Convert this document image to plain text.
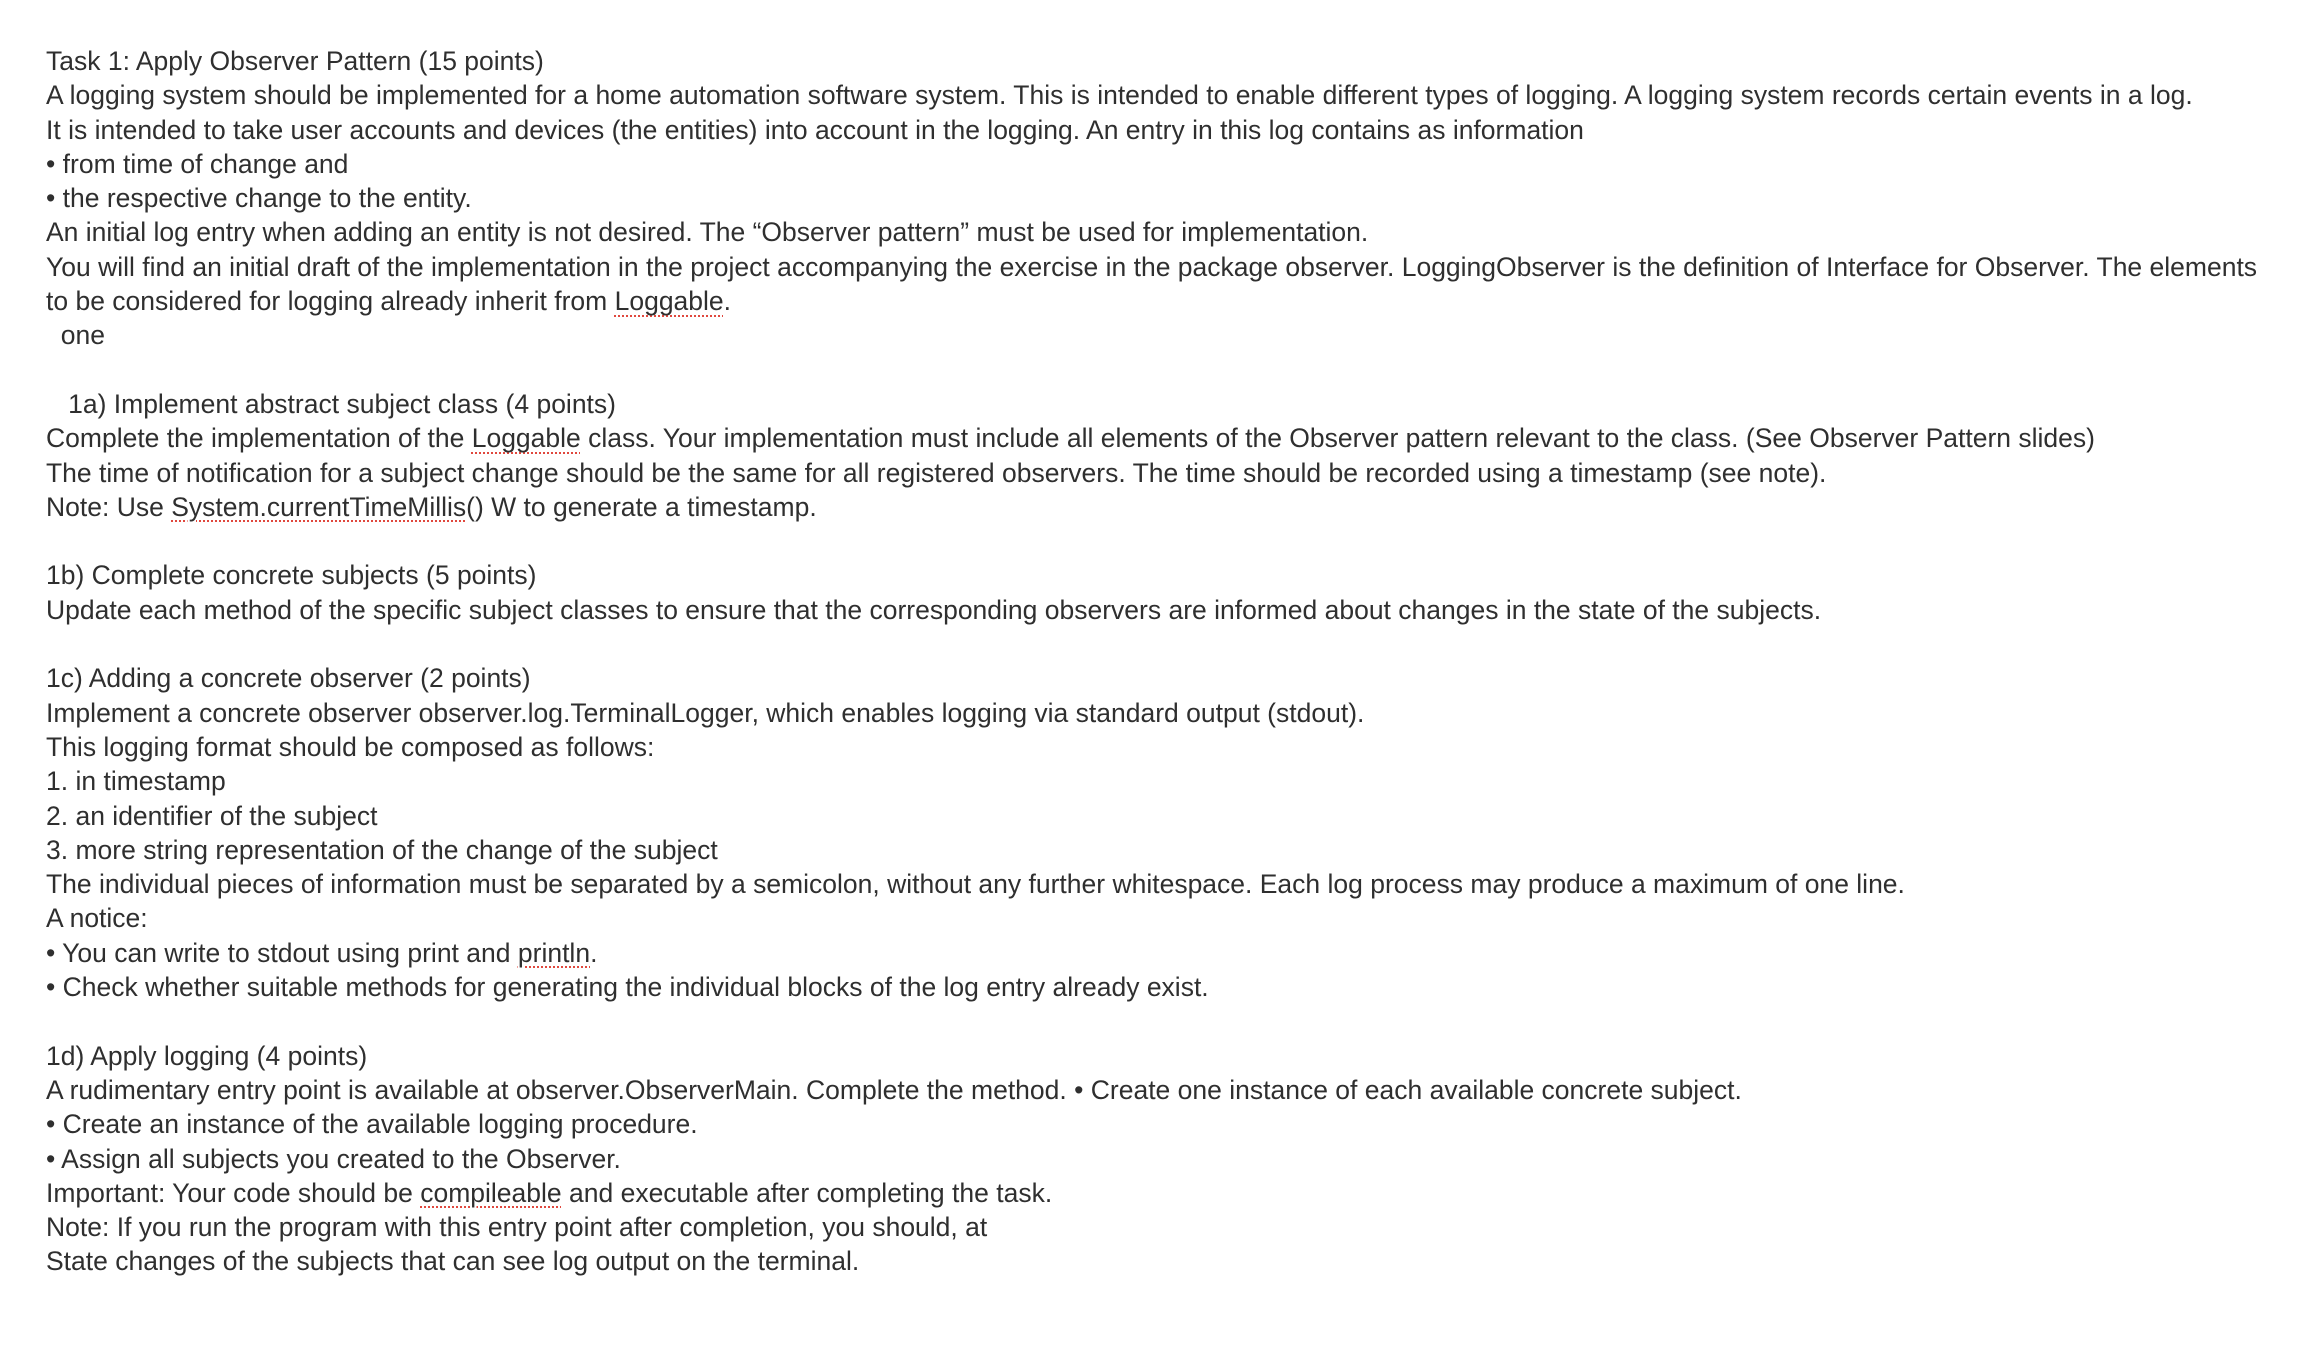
Task 1: Apply Observer Pattern (15 points)
A logging system should be implemented for a home automation software system. This is intended to enable different types of logging. A logging system records certain events in a log.
It is intended to take user accounts and devices (the entities) into account in the logging. An entry in this log contains as information
• from time of change and
• the respective change to the entity.
An initial log entry when adding an entity is not desired. The “Observer pattern” must be used for implementation.
You will find an initial draft of the implementation in the project accompanying the exercise in the package observer. LoggingObserver is the definition of Interface for Observer. The elements to be considered for logging already inherit from Loggable.
one
1a) Implement abstract subject class (4 points)
Complete the implementation of the Loggable class. Your implementation must include all elements of the Observer pattern relevant to the class. (See Observer Pattern slides)
The time of notification for a subject change should be the same for all registered observers. The time should be recorded using a timestamp (see note).
Note: Use System.currentTimeMillis() W to generate a timestamp.
1b) Complete concrete subjects (5 points)
Update each method of the specific subject classes to ensure that the corresponding observers are informed about changes in the state of the subjects.
1c) Adding a concrete observer (2 points)
Implement a concrete observer observer.log.TerminalLogger, which enables logging via standard output (stdout).
This logging format should be composed as follows:
1. in timestamp
2. an identifier of the subject
3. more string representation of the change of the subject
The individual pieces of information must be separated by a semicolon, without any further whitespace. Each log process may produce a maximum of one line.
A notice:
• You can write to stdout using print and println.
• Check whether suitable methods for generating the individual blocks of the log entry already exist.
1d) Apply logging (4 points)
A rudimentary entry point is available at observer.ObserverMain. Complete the method. • Create one instance of each available concrete subject.
• Create an instance of the available logging procedure.
• Assign all subjects you created to the Observer.
Important: Your code should be compileable and executable after completing the task.
Note: If you run the program with this entry point after completion, you should, at
State changes of the subjects that can see log output on the terminal.
